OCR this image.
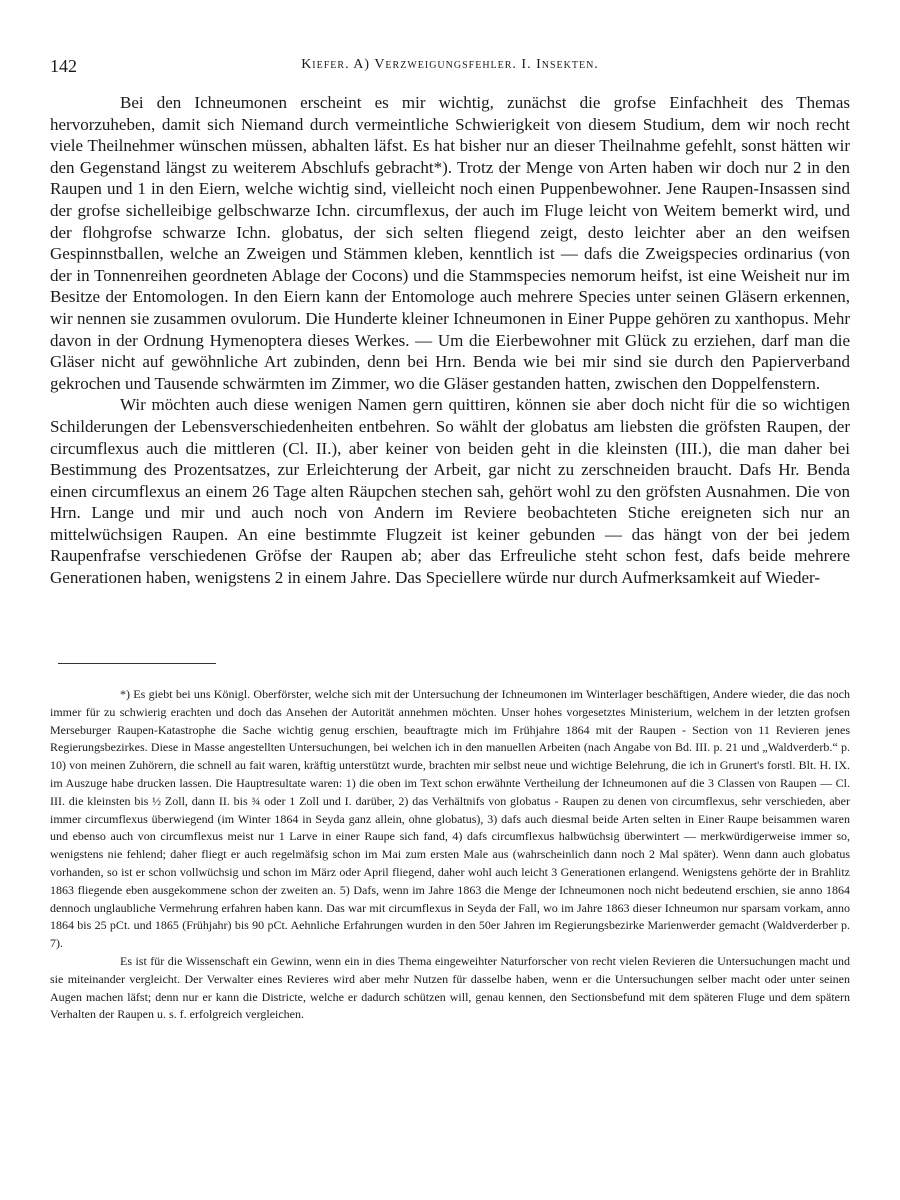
142	Kiefer. A) Verzweigungsfehler. I. Insekten.

Bei den Ichneumonen erscheint es mir wichtig, zunächst die grofse Einfachheit des Themas hervorzuheben, damit sich Niemand durch vermeintliche Schwierigkeit von diesem Studium, dem wir noch recht viele Theilnehmer wünschen müssen, abhalten läfst. Es hat bisher nur an dieser Theilnahme gefehlt, sonst hätten wir den Gegenstand längst zu weiterem Abschlufs gebracht*). Trotz der Menge von Arten haben wir doch nur 2 in den Raupen und 1 in den Eiern, welche wichtig sind, vielleicht noch einen Puppenbewohner. Jene Raupen-Insassen sind der grofse sichelleibige gelbschwarze Ichn. circumflexus, der auch im Fluge leicht von Weitem bemerkt wird, und der flohgrofse schwarze Ichn. globatus, der sich selten fliegend zeigt, desto leichter aber an den weifsen Gespinnstballen, welche an Zweigen und Stämmen kleben, kenntlich ist — dafs die Zweigspecies ordinarius (von der in Tonnenreihen geordneten Ablage der Cocons) und die Stammspecies nemorum heifst, ist eine Weisheit nur im Besitze der Entomologen. In den Eiern kann der Entomologe auch mehrere Species unter seinen Gläsern erkennen, wir nennen sie zusammen ovulorum. Die Hunderte kleiner Ichneumonen in Einer Puppe gehören zu xanthopus. Mehr davon in der Ordnung Hymenoptera dieses Werkes. — Um die Eierbewohner mit Glück zu erziehen, darf man die Gläser nicht auf gewöhnliche Art zubinden, denn bei Hrn. Benda wie bei mir sind sie durch den Papierverband gekrochen und Tausende schwärmten im Zimmer, wo die Gläser gestanden hatten, zwischen den Doppelfenstern.

Wir möchten auch diese wenigen Namen gern quittiren, können sie aber doch nicht für die so wichtigen Schilderungen der Lebensverschiedenheiten entbehren. So wählt der globatus am liebsten die gröfsten Raupen, der circumflexus auch die mittleren (Cl. II.), aber keiner von beiden geht in die kleinsten (III.), die man daher bei Bestimmung des Prozentsatzes, zur Erleichterung der Arbeit, gar nicht zu zerschneiden braucht. Dafs Hr. Benda einen circumflexus an einem 26 Tage alten Räupchen stechen sah, gehört wohl zu den gröfsten Ausnahmen. Die von Hrn. Lange und mir und auch noch von Andern im Reviere beobachteten Stiche ereigneten sich nur an mittelwüchsigen Raupen. An eine bestimmte Flugzeit ist keiner gebunden — das hängt von der bei jedem Raupenfrafse verschiedenen Gröfse der Raupen ab; aber das Erfreuliche steht schon fest, dafs beide mehrere Generationen haben, wenigstens 2 in einem Jahre. Das Speciellere würde nur durch Aufmerksamkeit auf Wieder-

*) Es giebt bei uns Königl. Oberförster, welche sich mit der Untersuchung der Ichneumonen im Winterlager beschäftigen, Andere wieder, die das noch immer für zu schwierig erachten und doch das Ansehen der Autorität annehmen möchten. Unser hohes vorgesetztes Ministerium, welchem in der letzten grofsen Merseburger Raupen-Katastrophe die Sache wichtig genug erschien, beauftragte mich im Frühjahre 1864 mit der Raupen - Section von 11 Revieren jenes Regierungsbezirkes. Diese in Masse angestellten Untersuchungen, bei welchen ich in den manuellen Arbeiten (nach Angabe von Bd. III. p. 21 und „Waldverderb.“ p. 10) von meinen Zuhörern, die schnell au fait waren, kräftig unterstützt wurde, brachten mir selbst neue und wichtige Belehrung, die ich in Grunert's forstl. Blt. H. IX. im Auszuge habe drucken lassen. Die Hauptresultate waren: 1) die oben im Text schon erwähnte Vertheilung der Ichneumonen auf die 3 Classen von Raupen — Cl. III. die kleinsten bis ½ Zoll, dann II. bis ¾ oder 1 Zoll und I. darüber, 2) das Verhältnifs von globatus - Raupen zu denen von circumflexus, sehr verschieden, aber immer circumflexus überwiegend (im Winter 1864 in Seyda ganz allein, ohne globatus), 3) dafs auch diesmal beide Arten selten in Einer Raupe beisammen waren und ebenso auch von circumflexus meist nur 1 Larve in einer Raupe sich fand, 4) dafs circumflexus halbwüchsig überwintert — merkwürdigerweise immer so, wenigstens nie fehlend; daher fliegt er auch regelmäfsig schon im Mai zum ersten Male aus (wahrscheinlich dann noch 2 Mal später). Wenn dann auch globatus vorhanden, so ist er schon vollwüchsig und schon im März oder April fliegend, daher wohl auch leicht 3 Generationen erlangend. Wenigstens gehörte der in Brahlitz 1863 fliegende eben ausgekommene schon der zweiten an. 5) Dafs, wenn im Jahre 1863 die Menge der Ichneumonen noch nicht bedeutend erschien, sie anno 1864 dennoch unglaubliche Vermehrung erfahren haben kann. Das war mit circumflexus in Seyda der Fall, wo im Jahre 1863 dieser Ichneumon nur sparsam vorkam, anno 1864 bis 25 pCt. und 1865 (Frühjahr) bis 90 pCt. Aehnliche Erfahrungen wurden in den 50er Jahren im Regierungsbezirke Marienwerder gemacht (Waldverderber p. 7).

Es ist für die Wissenschaft ein Gewinn, wenn ein in dies Thema eingeweihter Naturforscher von recht vielen Revieren die Untersuchungen macht und sie miteinander vergleicht. Der Verwalter eines Revieres wird aber mehr Nutzen für dasselbe haben, wenn er die Untersuchungen selber macht oder unter seinen Augen machen läfst; denn nur er kann die Districte, welche er dadurch schützen will, genau kennen, den Sectionsbefund mit dem späteren Fluge und dem spätern Verhalten der Raupen u. s. f. erfolgreich vergleichen.
